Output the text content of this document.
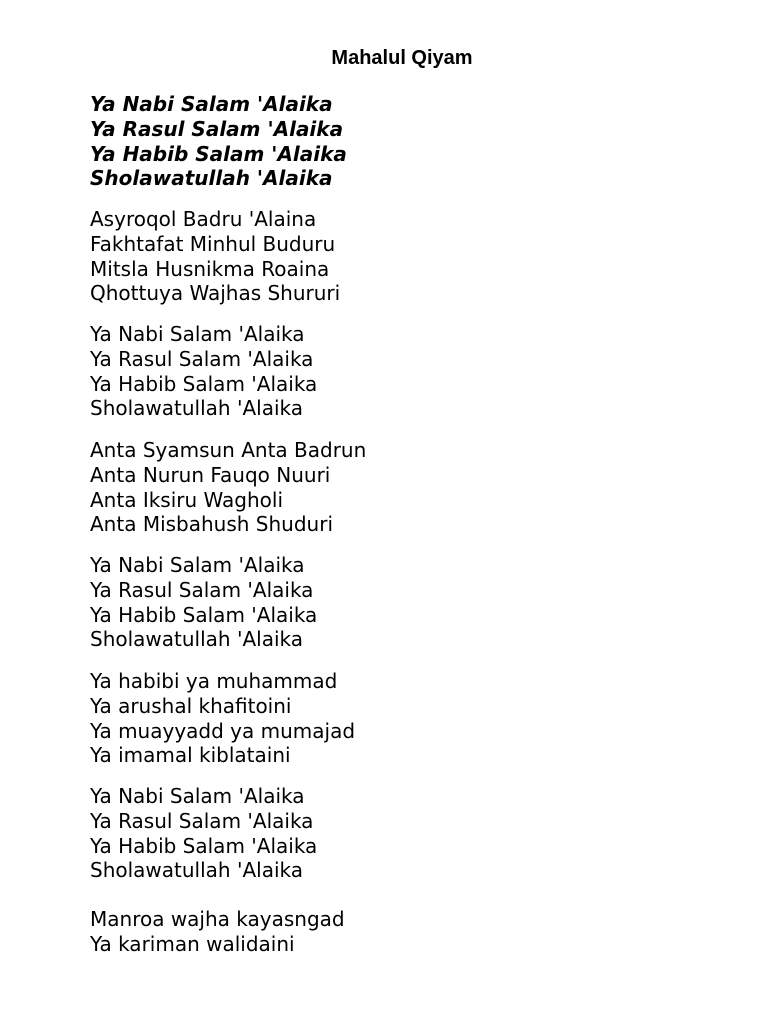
Mahalul Qiyam
Ya Nabi Salam 'Alaika
Ya Rasul Salam 'Alaika
Ya Habib Salam 'Alaika
Sholawatullah 'Alaika
Asyroqol Badru 'Alaina
Fakhtafat Minhul Buduru
Mitsla Husnikma Roaina
Qhottuya Wajhas Shururi
Ya Nabi Salam 'Alaika
Ya Rasul Salam 'Alaika
Ya Habib Salam 'Alaika
Sholawatullah 'Alaika
Anta Syamsun Anta Badrun
Anta Nurun Fauqo Nuuri
Anta Iksiru Wagholi
Anta Misbahush Shuduri
Ya Nabi Salam 'Alaika
Ya Rasul Salam 'Alaika
Ya Habib Salam 'Alaika
Sholawatullah 'Alaika
Ya habibi ya muhammad
Ya arushal khafitoini
Ya muayyadd ya mumajad
Ya imamal kiblataini
Ya Nabi Salam 'Alaika
Ya Rasul Salam 'Alaika
Ya Habib Salam 'Alaika
Sholawatullah 'Alaika
Manroa wajha kayasngad
Ya kariman walidaini
